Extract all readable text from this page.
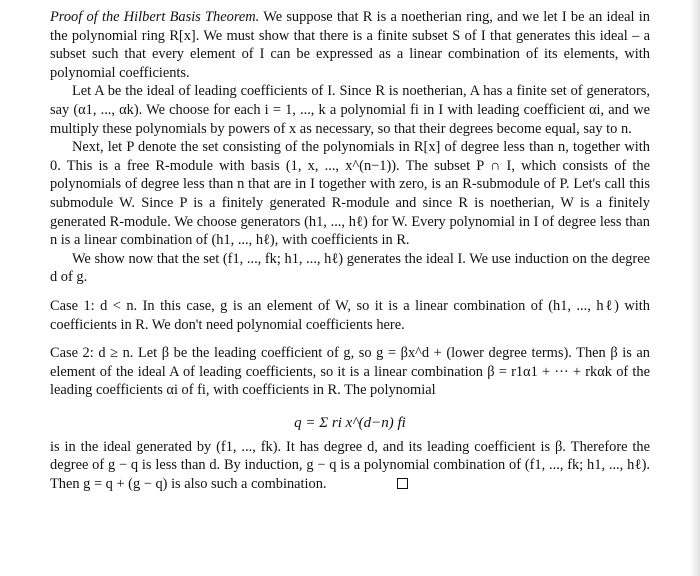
Proof of the Hilbert Basis Theorem. We suppose that R is a noetherian ring, and we let I be an ideal in the polynomial ring R[x]. We must show that there is a finite subset S of I that generates this ideal – a subset such that every element of I can be expressed as a linear combination of its elements, with polynomial coefficients.

Let A be the ideal of leading coefficients of I. Since R is noetherian, A has a finite set of generators, say (α1, ..., αk). We choose for each i = 1, ..., k a polynomial fi in I with leading coefficient αi, and we multiply these polynomials by powers of x as necessary, so that their degrees become equal, say to n.

Next, let P denote the set consisting of the polynomials in R[x] of degree less than n, together with 0. This is a free R-module with basis (1, x, ..., x^(n−1)). The subset P ∩ I, which consists of the polynomials of degree less than n that are in I together with zero, is an R-submodule of P. Let's call this submodule W. Since P is a finitely generated R-module and since R is noetherian, W is a finitely generated R-module. We choose generators (h1, ..., hℓ) for W. Every polynomial in I of degree less than n is a linear combination of (h1, ..., hℓ), with coefficients in R.

We show now that the set (f1, ..., fk; h1, ..., hℓ) generates the ideal I. We use induction on the degree d of g.

Case 1: d < n. In this case, g is an element of W, so it is a linear combination of (h1, ..., hℓ) with coefficients in R. We don't need polynomial coefficients here.

Case 2: d ≥ n. Let β be the leading coefficient of g, so g = βx^d + (lower degree terms). Then β is an element of the ideal A of leading coefficients, so it is a linear combination β = r1α1 + ··· + rkαk of the leading coefficients αi of fi, with coefficients in R. The polynomial

q = Σ ri x^(d−n) fi

is in the ideal generated by (f1, ..., fk). It has degree d, and its leading coefficient is β. Therefore the degree of g − q is less than d. By induction, g − q is a polynomial combination of (f1, ..., fk; h1, ..., hℓ). Then g = q + (g − q) is also such a combination.
